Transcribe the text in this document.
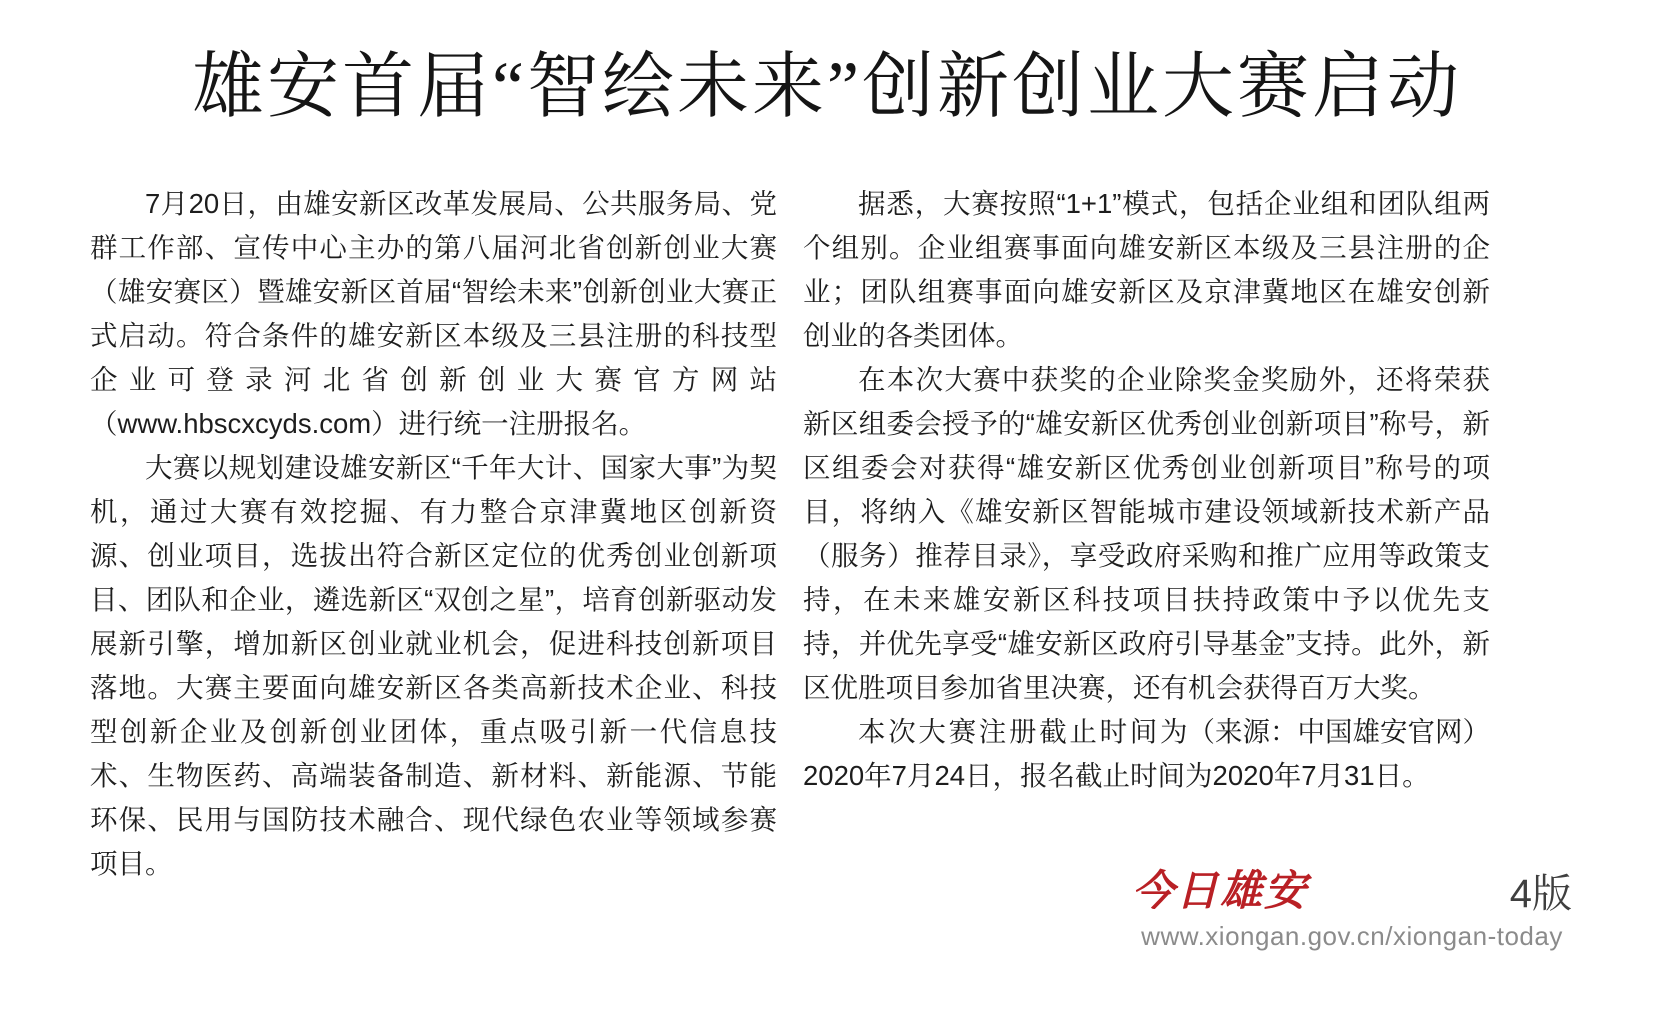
雄安首届“智绘未来”创新创业大赛启动

7月20日，由雄安新区改革发展局、公共服务局、党群工作部、宣传中心主办的第八届河北省创新创业大赛（雄安赛区）暨雄安新区首届“智绘未来”创新创业大赛正式启动。符合条件的雄安新区本级及三县注册的科技型企业可登录河北省创新创业大赛官方网站（www.hbscxcyds.com）进行统一注册报名。

大赛以规划建设雄安新区“千年大计、国家大事”为契机，通过大赛有效挖掘、有力整合京津冀地区创新资源、创业项目，选拔出符合新区定位的优秀创业创新项目、团队和企业，遴选新区“双创之星”，培育创新驱动发展新引擎，增加新区创业就业机会，促进科技创新项目落地。大赛主要面向雄安新区各类高新技术企业、科技型创新企业及创新创业团体，重点吸引新一代信息技术、生物医药、高端装备制造、新材料、新能源、节能环保、民用与国防技术融合、现代绿色农业等领域参赛项目。

据悉，大赛按照“1+1”模式，包括企业组和团队组两个组别。企业组赛事面向雄安新区本级及三县注册的企业；团队组赛事面向雄安新区及京津冀地区在雄安创新创业的各类团体。

在本次大赛中获奖的企业除奖金奖励外，还将荣获新区组委会授予的“雄安新区优秀创业创新项目”称号，新区组委会对获得“雄安新区优秀创业创新项目”称号的项目，将纳入《雄安新区智能城市建设领域新技术新产品（服务）推荐目录》，享受政府采购和推广应用等政策支持，在未来雄安新区科技项目扶持政策中予以优先支持，并优先享受“雄安新区政府引导基金”支持。此外，新区优胜项目参加省里决赛，还有机会获得百万大奖。

（来源：中国雄安官网）
本次大赛注册截止时间为2020年7月24日，报名截止时间为2020年7月31日。

今日雄安	4版
www.xiongan.gov.cn/xiongan-today
